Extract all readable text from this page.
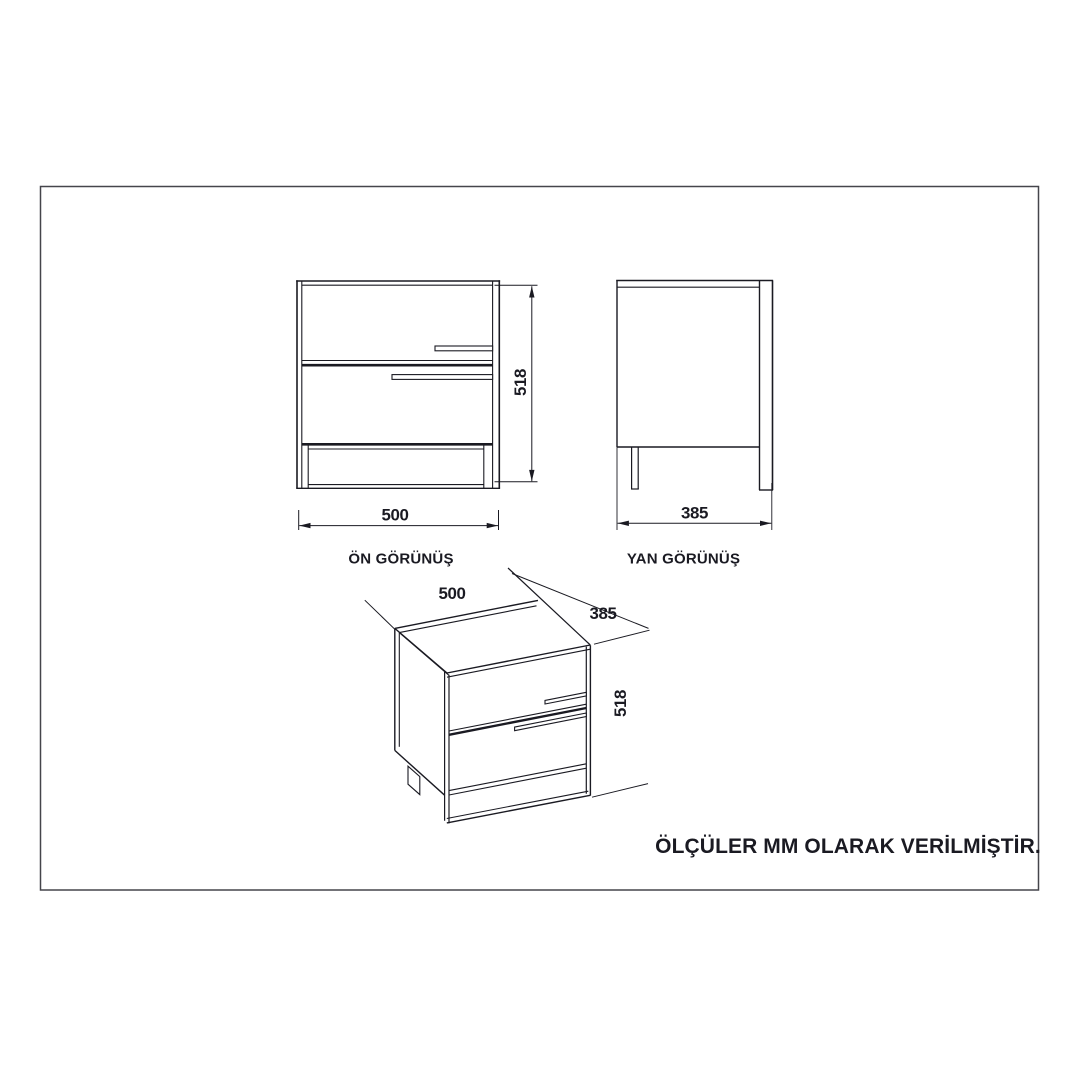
518
500
ÖN GÖRÜNÜŞ
385
YAN GÖRÜNÜŞ
500
385
518
ÖLÇÜLER MM OLARAK VERİLMİŞTİR.
